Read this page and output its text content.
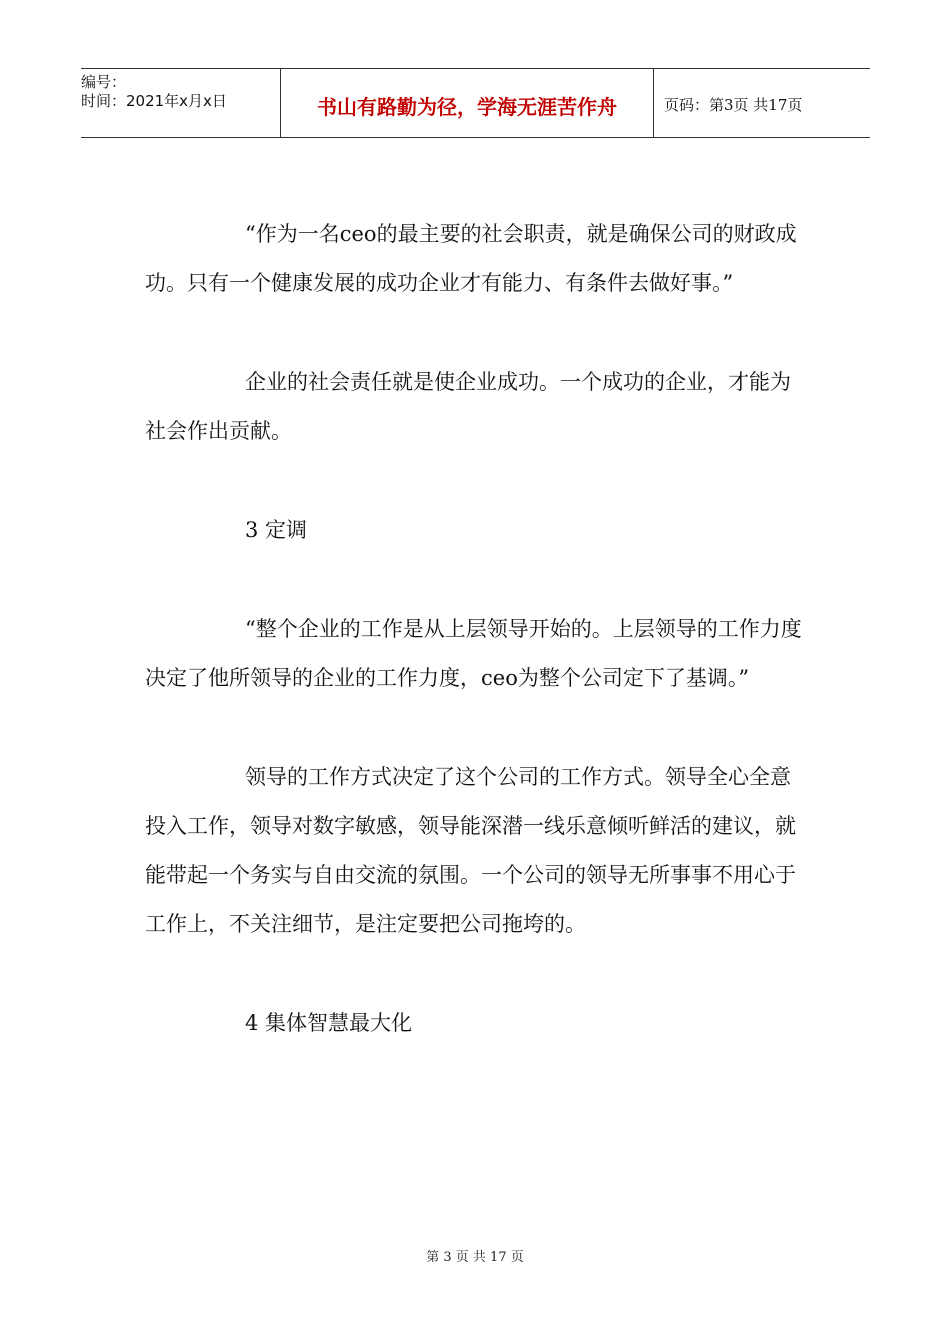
编号：
时间：2021年x月x日	书山有路勤为径，学海无涯苦作舟	页码：第3页 共17页

“作为一名ceo的最主要的社会职责，就是确保公司的财政成功。只有一个健康发展的成功企业才有能力、有条件去做好事。”

企业的社会责任就是使企业成功。一个成功的企业，才能为社会作出贡献。

3 定调

“整个企业的工作是从上层领导开始的。上层领导的工作力度决定了他所领导的企业的工作力度，ceo为整个公司定下了基调。”

领导的工作方式决定了这个公司的工作方式。领导全心全意投入工作，领导对数字敏感，领导能深潜一线乐意倾听鲜活的建议，就能带起一个务实与自由交流的氛围。一个公司的领导无所事事不用心于工作上，不关注细节，是注定要把公司拖垮的。

4 集体智慧最大化

第 3 页 共 17 页
